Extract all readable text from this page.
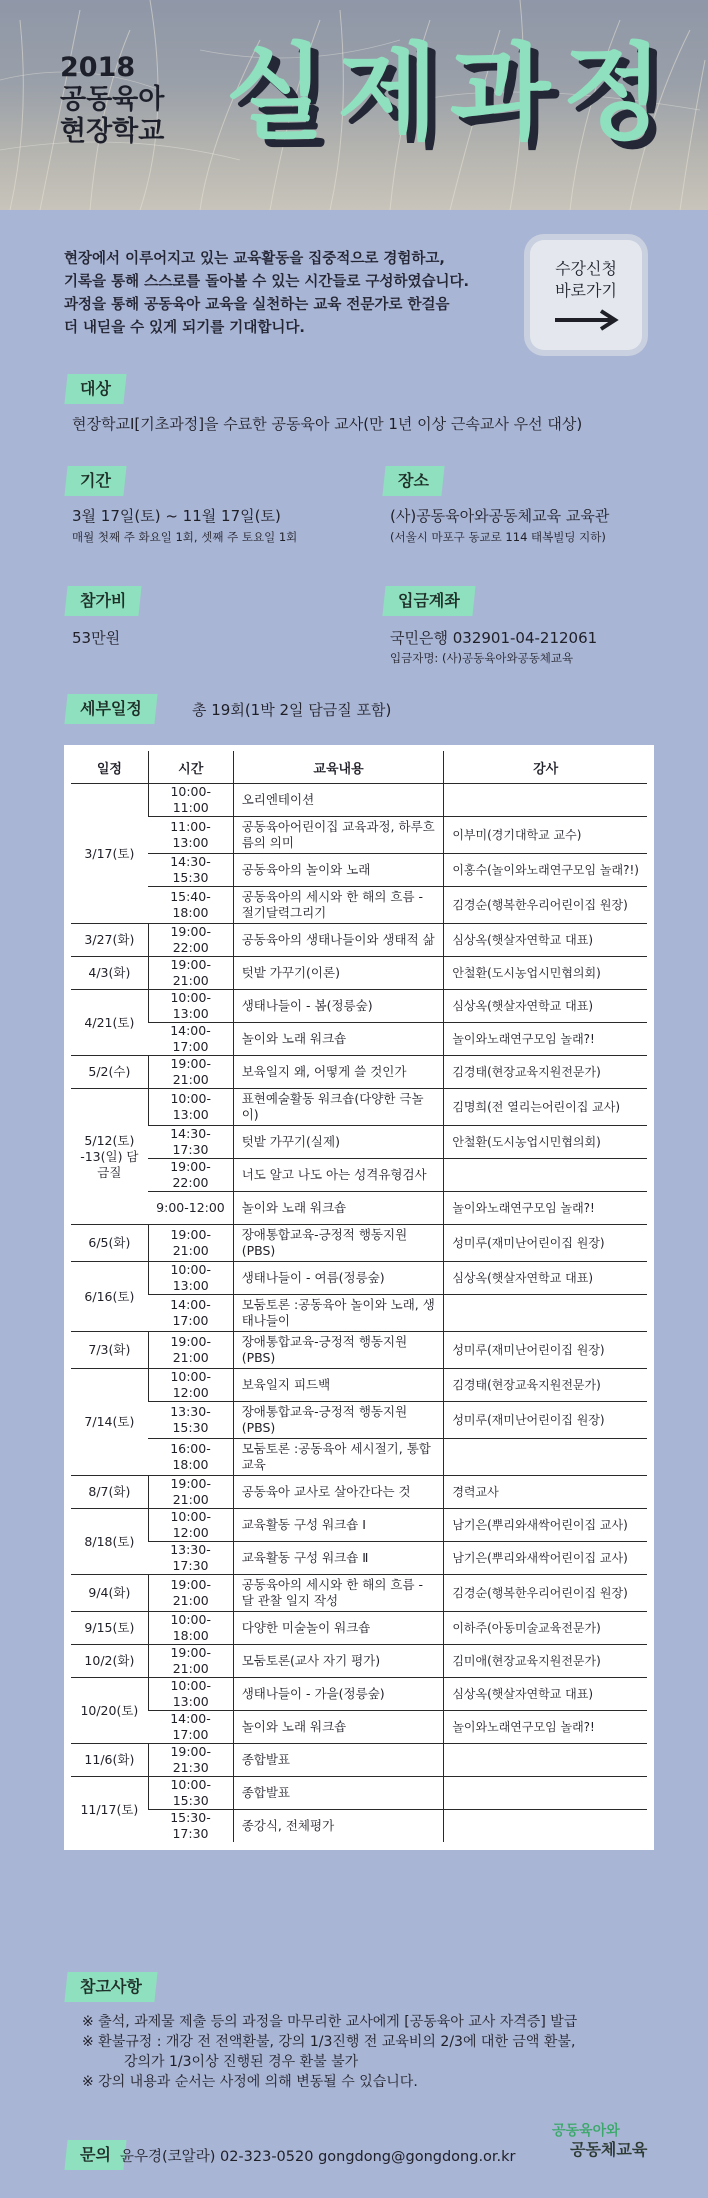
2018
공동육아
현장학교 실제과정
현장에서 이루어지고 있는 교육활동을 집중적으로 경험하고,
기록을 통해 스스로를 돌아볼 수 있는 시간들로 구성하였습니다.
과정을 통해 공동육아 교육을 실천하는 교육 전문가로 한걸음
더 내딛을 수 있게 되기를 기대합니다.
수강신청
바로가기
대상
현장학교Ⅰ[기초과정]을 수료한 공동육아 교사(만 1년 이상 근속교사 우선 대상)
기간
3월 17일(토) ~ 11월 17일(토)
매월 첫째 주 화요일 1회, 셋째 주 토요일 1회
장소
(사)공동육아와공동체교육 교육관
(서울시 마포구 동교로 114 태복빌딩 지하)
참가비
53만원
입금계좌
국민은행 032901-04-212061
입금자명: (사)공동육아와공동체교육
세부일정	총 19회(1박 2일 담금질 포함)
일정	시간	교육내용	강사
3/17(토)	10:00-11:00	오리엔테이션	
	11:00-13:00	공동육아어린이집 교육과정, 하루흐름의 의미	이부미(경기대학교 교수)
	14:30-15:30	공동육아의 놀이와 노래	이홍수(놀이와노래연구모임 놀래?!)
	15:40-18:00	공동육아의 세시와 한 해의 흐름 - 절기달력그리기	김경순(행복한우리어린이집 원장)
3/27(화)	19:00-22:00	공동육아의 생태나들이와 생태적 삶	심상옥(햇살자연학교 대표)
4/3(화)	19:00-21:00	텃밭 가꾸기(이론)	안철환(도시농업시민협의회)
4/21(토)	10:00-13:00	생태나들이 - 봄(정릉숲)	심상옥(햇살자연학교 대표)
	14:00-17:00	놀이와 노래 워크숍	놀이와노래연구모임 놀래?!
5/2(수)	19:00-21:00	보육일지 왜, 어떻게 쓸 것인가	김경태(현장교육지원전문가)
5/12(토) -13(일) 담금질	10:00-13:00	표현예술활동 워크숍(다양한 극놀이)	김명희(전 열리는어린이집 교사)
	14:30-17:30	텃밭 가꾸기(실제)	안철환(도시농업시민협의회)
	19:00-22:00	너도 알고 나도 아는 성격유형검사	
	9:00-12:00	놀이와 노래 워크숍	놀이와노래연구모임 놀래?!
6/5(화)	19:00-21:00	장애통합교육-긍정적 행동지원(PBS)	성미루(재미난어린이집 원장)
6/16(토)	10:00-13:00	생태나들이 - 여름(정릉숲)	심상옥(햇살자연학교 대표)
	14:00-17:00	모둠토론 :공동육아 놀이와 노래, 생태나들이	
7/3(화)	19:00-21:00	장애통합교육-긍정적 행동지원(PBS)	성미루(재미난어린이집 원장)
7/14(토)	10:00-12:00	보육일지 피드백	김경태(현장교육지원전문가)
	13:30-15:30	장애통합교육-긍정적 행동지원(PBS)	성미루(재미난어린이집 원장)
	16:00-18:00	모둠토론 :공동육아 세시절기, 통합교육	
8/7(화)	19:00-21:00	공동육아 교사로 살아간다는 것	경력교사
8/18(토)	10:00-12:00	교육활동 구성 워크숍 Ⅰ	남기은(뿌리와새싹어린이집 교사)
	13:30-17:30	교육활동 구성 워크숍 Ⅱ	남기은(뿌리와새싹어린이집 교사)
9/4(화)	19:00-21:00	공동육아의 세시와 한 해의 흐름 - 달 관찰 일지 작성	김경순(행복한우리어린이집 원장)
9/15(토)	10:00-18:00	다양한 미술놀이 워크숍	이하주(아동미술교육전문가)
10/2(화)	19:00-21:00	모둠토론(교사 자기 평가)	김미애(현장교육지원전문가)
10/20(토)	10:00-13:00	생태나들이 - 가을(정릉숲)	심상옥(햇살자연학교 대표)
	14:00-17:00	놀이와 노래 워크숍	놀이와노래연구모임 놀래?!
11/6(화)	19:00-21:30	종합발표	
11/17(토)	10:00-15:30	종합발표	
	15:30-17:30	종강식, 전체평가	
참고사항
※ 출석, 과제물 제출 등의 과정을 마무리한 교사에게 [공동육아 교사 자격증] 발급
※ 환불규정 : 개강 전 전액환불, 강의 1/3진행 전 교육비의 2/3에 대한 금액 환불,
강의가 1/3이상 진행된 경우 환불 불가
※ 강의 내용과 순서는 사정에 의해 변동될 수 있습니다.
문의 윤우경(코알라) 02-323-0520 gongdong@gongdong.or.kr
공동육아와
공동체교육
